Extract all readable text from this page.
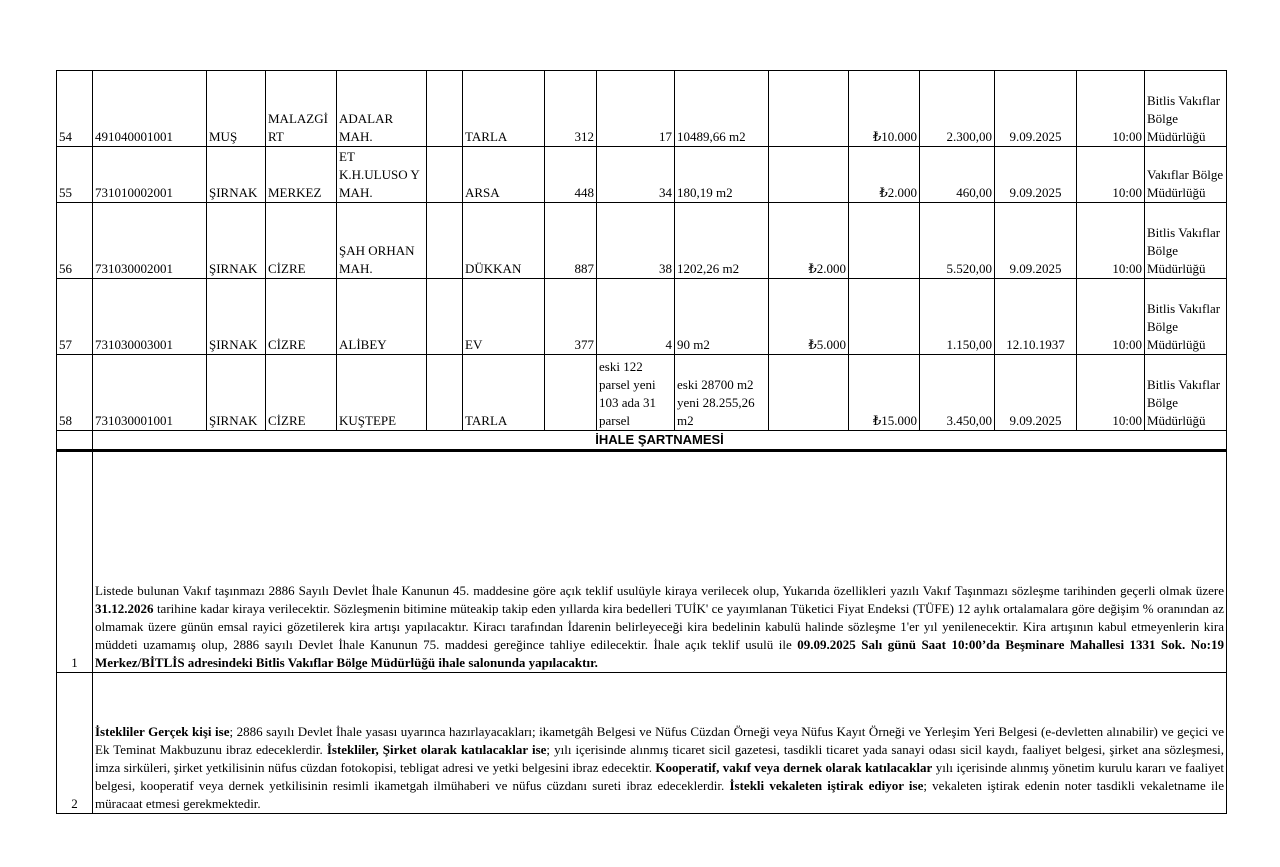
54	491040001001	MUŞ	MALAZGİ RT	ADALAR MAH.		TARLA	312	17	10489,66 m2		₺10.000	2.300,00	9.09.2025	10:00	Bitlis Vakıflar Bölge Müdürlüğü
55	731010002001	ŞIRNAK	MERKEZ	ET K.H.ULUSO Y MAH.		ARSA	448	34	180,19 m2		₺2.000	460,00	9.09.2025	10:00	Vakıflar Bölge Müdürlüğü
56	731030002001	ŞIRNAK	CİZRE	ŞAH ORHAN MAH.		DÜKKAN	887	38	1202,26 m2	₺2.000		5.520,00	9.09.2025	10:00	Bitlis Vakıflar Bölge Müdürlüğü
57	731030003001	ŞIRNAK	CİZRE	ALİBEY		EV	377	4	90 m2	₺5.000		1.150,00	12.10.1937	10:00	Bitlis Vakıflar Bölge Müdürlüğü
58	731030001001	ŞIRNAK	CİZRE	KUŞTEPE		TARLA		eski 122 parsel yeni 103 ada 31 parsel	eski 28700 m2 yeni 28.255,26 m2		₺15.000	3.450,00	9.09.2025	10:00	Bitlis Vakıflar Bölge Müdürlüğü
	İHALE ŞARTNAMESİ														
1	Listede bulunan Vakıf taşınmazı 2886 Sayılı Devlet İhale Kanunun 45. maddesine göre açık teklif usulüyle kiraya verilecek olup, Yukarıda özellikleri yazılı Vakıf Taşınmazı sözleşme tarihinden geçerli olmak üzere 31.12.2026 tarihine kadar kiraya verilecektir. Sözleşmenin bitimine müteakip takip eden yıllarda kira bedelleri TUİK' ce yayımlanan Tüketici Fiyat Endeksi (TÜFE) 12 aylık ortalamalara göre değişim % oranından az olmamak üzere günün emsal rayici gözetilerek kira artışı yapılacaktır. Kiracı tarafından İdarenin belirleyeceği kira bedelinin kabulü halinde sözleşme 1'er yıl yenilenecektir. Kira artışının kabul etmeyenlerin kira müddeti uzamamış olup, 2886 sayılı Devlet İhale Kanunun 75. maddesi gereğince tahliye edilecektir. İhale açık teklif usulü ile 09.09.2025 Salı günü Saat 10:00’da Beşminare Mahallesi 1331 Sok. No:19 Merkez/BİTLİS adresindeki Bitlis Vakıflar Bölge Müdürlüğü ihale salonunda yapılacaktır.														

2	İstekliler Gerçek kişi ise; 2886 sayılı Devlet İhale yasası uyarınca hazırlayacakları; ikametgâh Belgesi ve Nüfus Cüzdan Örneği veya Nüfus Kayıt Örneği ve Yerleşim Yeri Belgesi (e-devletten alınabilir) ve geçici ve Ek Teminat Makbuzunu ibraz edeceklerdir. İstekliler, Şirket olarak katılacaklar ise; yılı içerisinde alınmış ticaret sicil gazetesi, tasdikli ticaret yada sanayi odası sicil kaydı, faaliyet belgesi, şirket ana sözleşmesi, imza sirküleri, şirket yetkilisinin nüfus cüzdan fotokopisi, tebligat adresi ve yetki belgesini ibraz edecektir. Kooperatif, vakıf veya dernek olarak katılacaklar yılı içerisinde alınmış yönetim kurulu kararı ve faaliyet belgesi, kooperatif veya dernek yetkilisinin resimli ikametgah ilmühaberi ve nüfus cüzdanı sureti ibraz edeceklerdir. İstekli vekaleten iştirak ediyor ise; vekaleten iştirak edenin noter tasdikli vekaletname ile müracaat etmesi gerekmektedir.														
